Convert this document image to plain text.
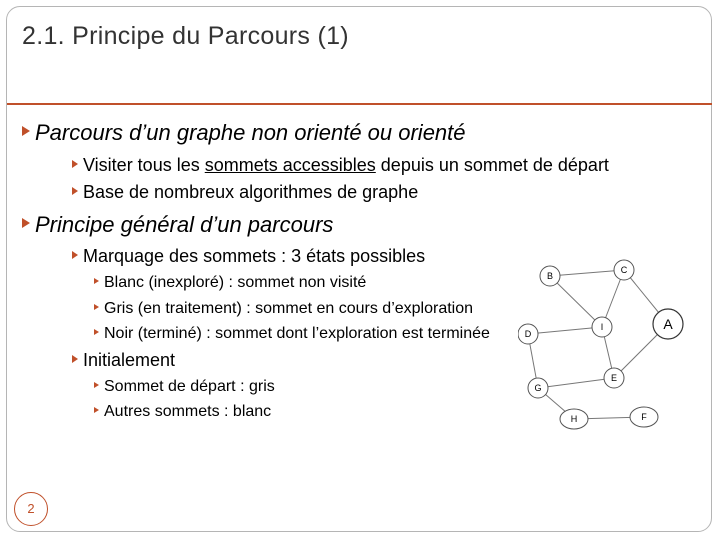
2.1. Principe du Parcours (1)
Parcours d’un graphe non orienté ou orienté
Visiter tous les sommets accessibles depuis un sommet de départ
Base de nombreux algorithmes de graphe
Principe général d’un parcours
Marquage des sommets : 3 états possibles
Blanc (inexploré) : sommet non visité
Gris (en traitement) : sommet en cours d’exploration
Noir (terminé) : sommet dont l’exploration est terminée
Initialement
Sommet de départ : gris
Autres sommets : blanc
B
C
A
D
I
E
G
H	F
2
